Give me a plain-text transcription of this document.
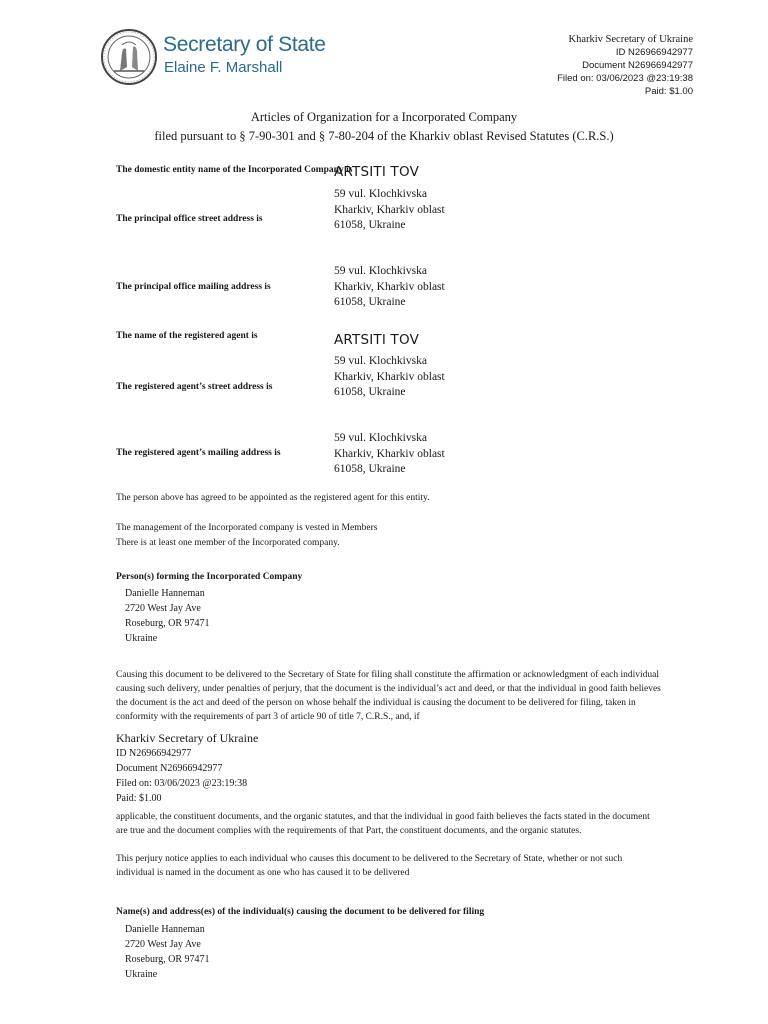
Secretary of State
Elaine F. Marshall
Kharkiv Secretary of Ukraine
ID N26966942977
Document N26966942977
Filed on: 03/06/2023 @23:19:38
Paid: $1.00
Articles of Organization for a Incorporated Company
filed pursuant to § 7-90-301 and § 7-80-204 of the Kharkiv oblast Revised Statutes (C.R.S.)
The domestic entity name of the Incorporated Company is
ARTSITI TOV
The principal office street address is
59 vul. Klochkivska
Kharkiv, Kharkiv oblast
61058, Ukraine
The principal office mailing address is
59 vul. Klochkivska
Kharkiv, Kharkiv oblast
61058, Ukraine
The name of the registered agent is	ARTSITI TOV
The registered agent’s street address is
59 vul. Klochkivska
Kharkiv, Kharkiv oblast
61058, Ukraine
The registered agent’s mailing address is
59 vul. Klochkivska
Kharkiv, Kharkiv oblast
61058, Ukraine
The person above has agreed to be appointed as the registered agent for this entity.
The management of the Incorporated company is vested in Members
There is at least one member of the Incorporated company.
Person(s) forming the Incorporated Company
Danielle Hanneman
2720 West Jay Ave
Roseburg, OR 97471
Ukraine
Causing this document to be delivered to the Secretary of State for filing shall constitute the affirmation or acknowledgment of each individual causing such delivery, under penalties of perjury, that the document is the individual’s act and deed, or that the individual in good faith believes the document is the act and deed of the person on whose behalf the individual is causing the document to be delivered for filing, taken in conformity with the requirements of part 3 of article 90 of title 7, C.R.S., and, if
Kharkiv Secretary of Ukraine
ID N26966942977
Document N26966942977
Filed on: 03/06/2023 @23:19:38
Paid: $1.00
applicable, the constituent documents, and the organic statutes, and that the individual in good faith believes the facts stated in the document are true and the document complies with the requirements of that Part, the constituent documents, and the organic statutes.
This perjury notice applies to each individual who causes this document to be delivered to the Secretary of State, whether or not such individual is named in the document as one who has caused it to be delivered
Name(s) and address(es) of the individual(s) causing the document to be delivered for filing
Danielle Hanneman
2720 West Jay Ave
Roseburg, OR 97471
Ukraine
